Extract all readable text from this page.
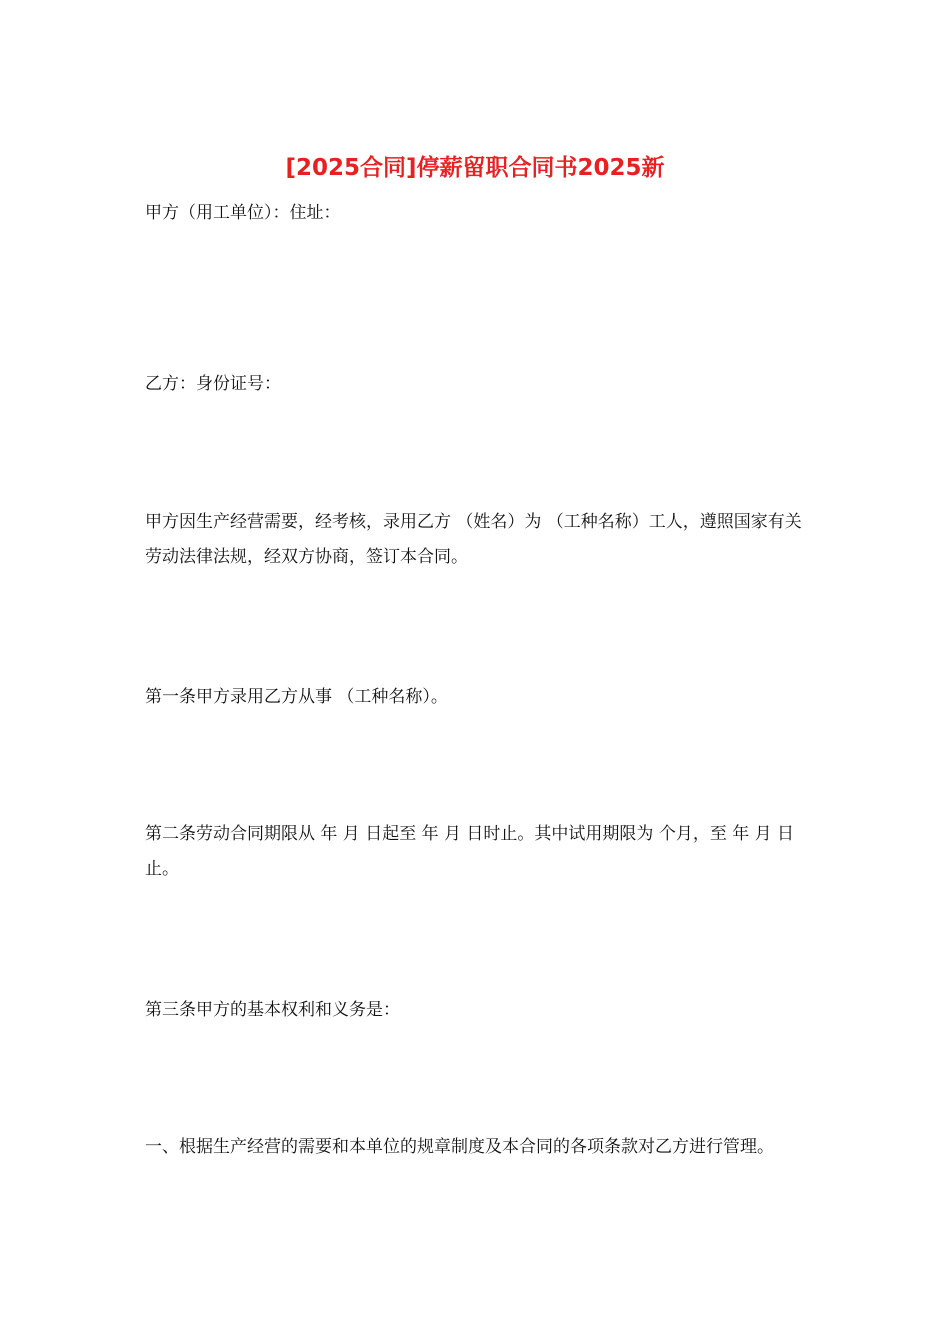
[2025合同]停薪留职合同书2025新

甲方（用工单位）：住址：

乙方：身份证号：

甲方因生产经营需要，经考核，录用乙方 （姓名）为 （工种名称）工人，遵照国家有关劳动法律法规，经双方协商，签订本合同。

第一条甲方录用乙方从事 （工种名称）。

第二条劳动合同期限从 年 月 日起至 年 月 日时止。其中试用期限为 个月，至 年 月 日止。

第三条甲方的基本权利和义务是：

一、根据生产经营的需要和本单位的规章制度及本合同的各项条款对乙方进行管理。
